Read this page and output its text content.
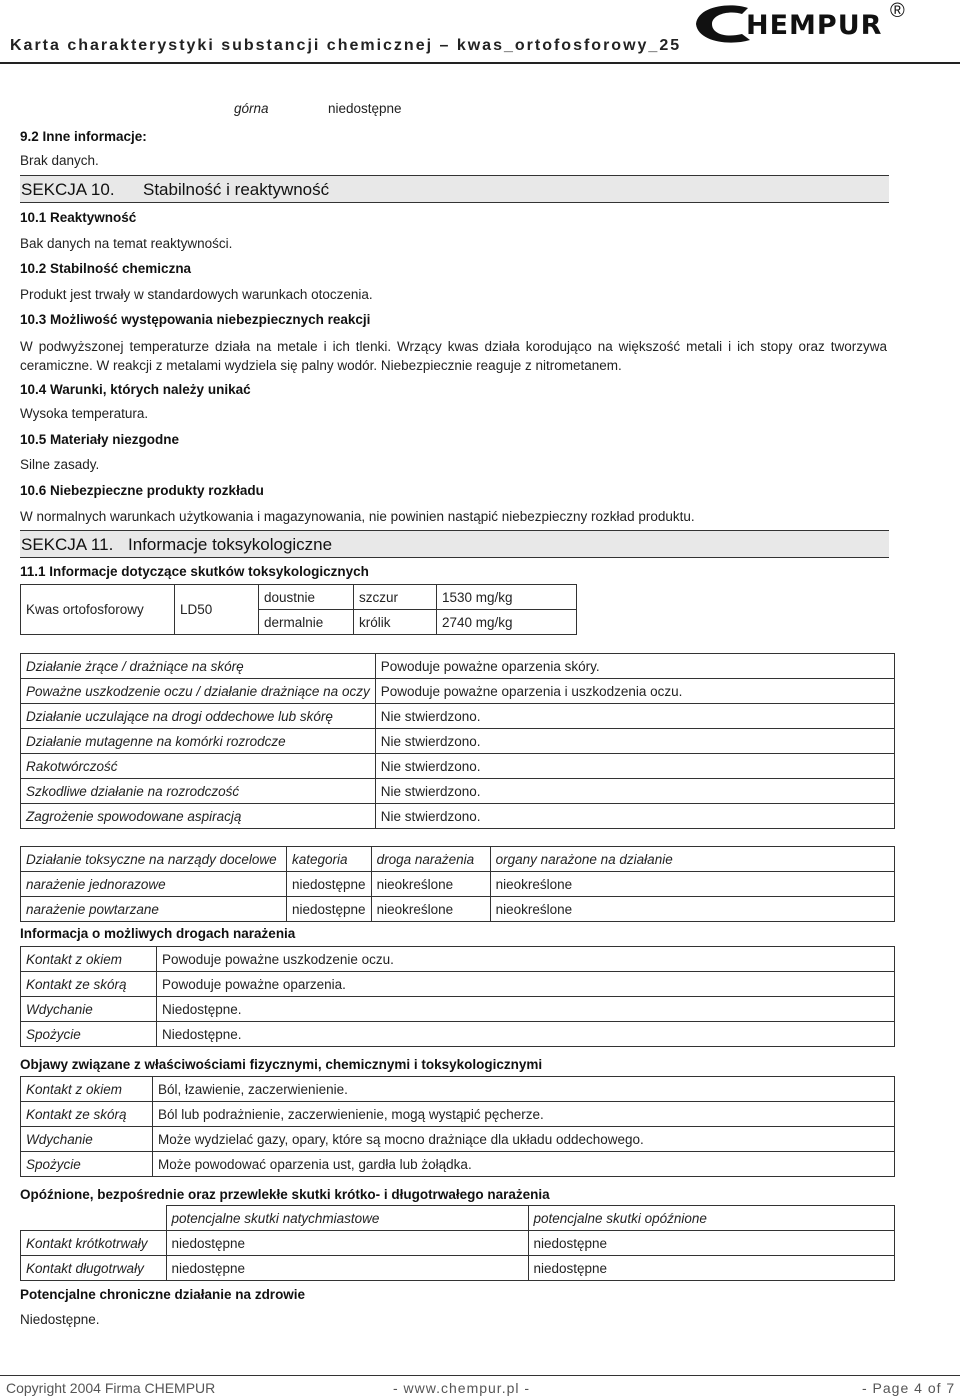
Karta charakterystyki substancji chemicznej – kwas_ortofosforowy_25
HEMPUR ®
górna	niedostępne
9.2 Inne informacje:
Brak danych.
SEKCJA 10. Stabilność i reaktywność
10.1 Reaktywność
Bak danych na temat reaktywności.
10.2 Stabilność chemiczna
Produkt jest trwały w standardowych warunkach otoczenia.
10.3 Możliwość występowania niebezpiecznych reakcji
W podwyższonej temperaturze działa na metale i ich tlenki. Wrzący kwas działa korodująco na większość metali i ich stopy oraz tworzywa ceramiczne. W reakcji z metalami wydziela się palny wodór. Niebezpiecznie reaguje z nitrometanem.
10.4 Warunki, których należy unikać
Wysoka temperatura.
10.5 Materiały niezgodne
Silne zasady.
10.6 Niebezpieczne produkty rozkładu
W normalnych warunkach użytkowania i magazynowania, nie powinien nastąpić niebezpieczny rozkład produktu.
SEKCJA 11. Informacje toksykologiczne
11.1 Informacje dotyczące skutków toksykologicznych
Kwas ortofosforowy	LD50	doustnie	szczur	1530 mg/kg
		dermalnie	królik	2740 mg/kg
Działanie żrące / drażniące na skórę	Powoduje poważne oparzenia skóry.
Poważne uszkodzenie oczu / działanie drażniące na oczy	Powoduje poważne oparzenia i uszkodzenia oczu.
Działanie uczulające na drogi oddechowe lub skórę	Nie stwierdzono.
Działanie mutagenne na komórki rozrodcze	Nie stwierdzono.
Rakotwórczość	Nie stwierdzono.
Szkodliwe działanie na rozrodczość	Nie stwierdzono.
Zagrożenie spowodowane aspiracją	Nie stwierdzono.
Działanie toksyczne na narządy docelowe	kategoria	droga narażenia	organy narażone na działanie
narażenie jednorazowe	niedostępne	nieokreślone	nieokreślone
narażenie powtarzane	niedostępne	nieokreślone	nieokreślone
Informacja o możliwych drogach narażenia
Kontakt z okiem	Powoduje poważne uszkodzenie oczu.
Kontakt ze skórą	Powoduje poważne oparzenia.
Wdychanie	Niedostępne.
Spożycie	Niedostępne.
Objawy związane z właściwościami fizycznymi, chemicznymi i toksykologicznymi
Kontakt z okiem	Ból, łzawienie, zaczerwienienie.
Kontakt ze skórą	Ból lub podrażnienie, zaczerwienienie, mogą wystąpić pęcherze.
Wdychanie	Może wydzielać gazy, opary, które są mocno drażniące dla układu oddechowego.
Spożycie	Może powodować oparzenia ust, gardła lub żołądka.
Opóźnione, bezpośrednie oraz przewlekłe skutki krótko- i długotrwałego narażenia
	potencjalne skutki natychmiastowe	potencjalne skutki opóźnione
Kontakt krótkotrwały	niedostępne	niedostępne
Kontakt długotrwały	niedostępne	niedostępne
Potencjalne chroniczne działanie na zdrowie
Niedostępne.
Copyright 2004 Firma CHEMPUR	- www.chempur.pl -	- Page 4 of 7
